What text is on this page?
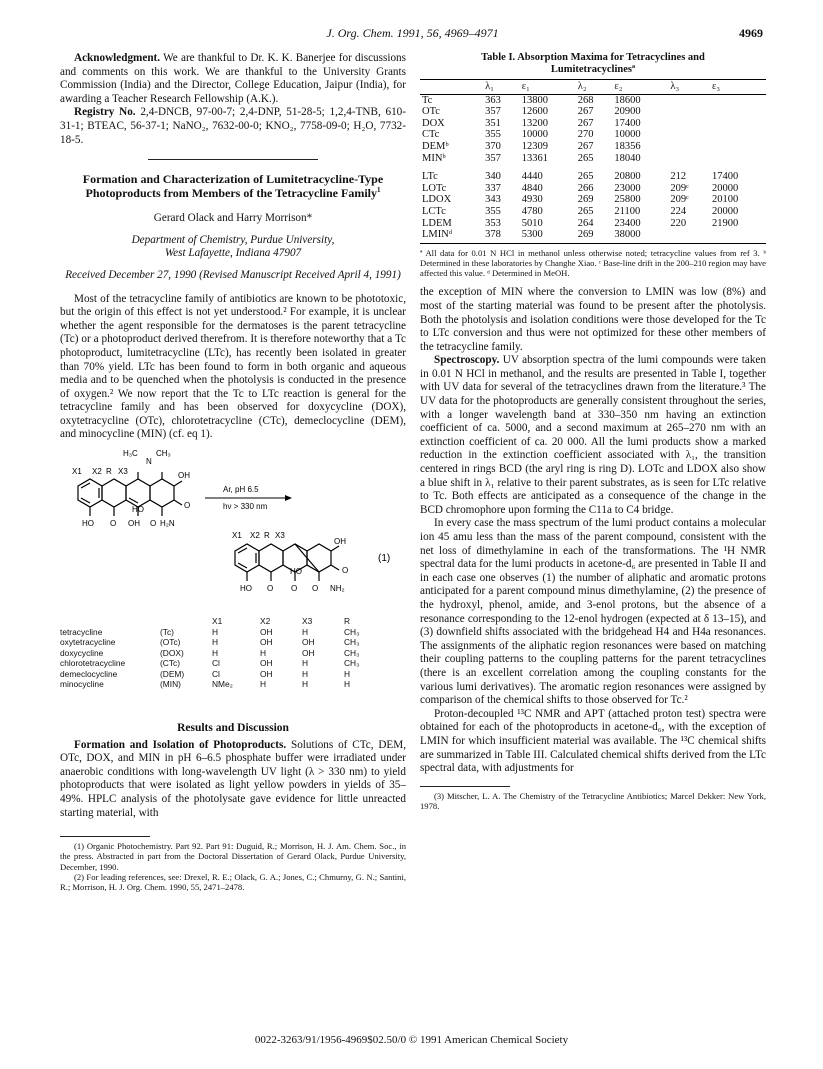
J. Org. Chem. 1991, 56, 4969–4971	4969

Acknowledgment. We are thankful to Dr. K. K. Banerjee for discussions and comments on this work. We are thankful to the University Grants Commission (India) and the Director, College Education, Jaipur (India), for awarding a Teacher Research Fellowship (A.K.).

Registry No. 2,4-DNCB, 97-00-7; 2,4-DNP, 51-28-5; 1,2,4-TNB, 610-31-1; BTEAC, 56-37-1; NaNO₂, 7632-00-0; KNO₂, 7758-09-0; H₂O, 7732-18-5.

Formation and Characterization of Lumitetracycline-Type Photoproducts from Members of the Tetracycline Family$^1$
Gerard Olack and Harry Morrison*
Department of Chemistry, Purdue University,
West Lafayette, Indiana 47907
Received December 27, 1990 (Revised Manuscript Received April 4, 1991)

Most of the tetracycline family of antibiotics are known to be phototoxic, but the origin of this effect is not yet understood.² For example, it is unclear whether the agent responsible for the dermatoses is the parent tetracycline (Tc) or a photoproduct derived therefrom. It is therefore noteworthy that a Tc photoproduct, lumitetracycline (LTc), has recently been isolated in greater than 70% yield. LTc has been found to form in both organic and aqueous media and to be quenched when the photolysis is conducted in the presence of oxygen.² We now report that the Tc to LTc reaction is general for the tetracycline family and has been observed for doxycycline (DOX), oxytetracycline (OTc), chlorotetracycline (CTc), demeclocycline (DEM), and minocycline (MIN) (cf. eq 1).

H₃C
N
CH₃
X1 X2 R X3	OH
O
HO
HO O OH O H₂N
Ar, pH 6.5
hν > 330 nm
X1 X2 R X3
OH
O
HO
HO O O O NH₂
(1)
		X1	X2	X3	R
tetracycline	(Tc)	H	OH	H	CH₃
oxytetracycline	(OTc)	H	OH	OH	CH₃
doxycycline	(DOX)	H	H	OH	CH₃
chlorotetracycline	(CTc)	Cl	OH	H	CH₃
demeclocycline	(DEM)	Cl	OH	H	H
minocycline	(MIN)	NMe₂	H	H	H
Results and Discussion

Formation and Isolation of Photoproducts. Solutions of CTc, DEM, OTc, DOX, and MIN in pH 6–6.5 phosphate buffer were irradiated under anaerobic conditions with long-wavelength UV light (λ > 330 nm) to yield photoproducts that were isolated as light yellow powders in yields of 35–49%. HPLC analysis of the photolysate gave evidence for little unreacted starting material, with

(1) Organic Photochemistry. Part 92. Part 91: Duguid, R.; Morrison, H. J. Am. Chem. Soc., in the press. Abstracted in part from the Doctoral Dissertation of Gerard Olack, Purdue University, December, 1990.

(2) For leading references, see: Drexel, R. E.; Olack, G. A.; Jones, C.; Chmurny, G. N.; Santini, R.; Morrison, H. J. Org. Chem. 1990, 55, 2471–2478.

Table I. Absorption Maxima for Tetracyclines and
Lumitetracyclinesª
	λ₁	ε₁	λ₂	ε₂	λ₃	ε₃
Tc	363	13800	268	18600		
OTc	357	12600	267	20900		
DOX	351	13200	267	17400		
CTc	355	10000	270	10000		
DEMᵇ	370	12309	267	18356		
MINᵇ	357	13361	265	18040		
LTc	340	4440	265	20800	212	17400
LOTc	337	4840	266	23000	209ᶜ	20000
LDOX	343	4930	269	25800	209ᶜ	20100
LCTc	355	4780	265	21100	224	20000
LDEM	353	5010	264	23400	220	21900
LMINᵈ	378	5300	269	38000		
ª All data for 0.01 N HCl in methanol unless otherwise noted; tetracycline values from ref 3. ᵇ Determined in these laboratories by Changhe Xiao. ᶜ Base-line drift in the 200–210 region may have affected this value. ᵈ Determined in MeOH.

the exception of MIN where the conversion to LMIN was low (8%) and most of the starting material was found to be present after the photolysis. Both the photolysis and isolation conditions were those developed for the Tc to LTc conversion and thus were not optimized for these other members of the tetracycline family.

Spectroscopy. UV absorption spectra of the lumi compounds were taken in 0.01 N HCl in methanol, and the results are presented in Table I, together with UV data for several of the tetracyclines drawn from the literature.³ The UV data for the photoproducts are generally consistent throughout the series, with a longer wavelength band at 330–350 nm having an extinction coefficient of ca. 5000, and a second maximum at 265–270 nm with an extinction coefficient of ca. 20 000. All the lumi products show a marked reduction in the extinction coefficient associated with λ₁, the transition centered in rings BCD (the aryl ring is ring D). LOTc and LDOX also show a blue shift in λ₁ relative to their parent substrates, as is seen for LTc relative to Tc. Both effects are anticipated as a consequence of the change in the BCD chromophore upon forming the C11a to C4 bridge.

In every case the mass spectrum of the lumi product contains a molecular ion 45 amu less than the mass of the parent compound, consistent with the net loss of dimethylamine in each of the transformations. The ¹H NMR spectral data for the lumi products in acetone-d₆ are presented in Table II and in each case one observes (1) the number of aliphatic and aromatic protons anticipated for a parent compound minus dimethylamine, (2) the presence of the hydroxyl, phenol, amide, and 3-enol protons, but the absence of a resonance corresponding to the 12-enol hydrogen (expected at δ 13–15), and (3) downfield shifts associated with the bridgehead H4 and H4a resonances. The assignments of the aliphatic region resonances were based on matching their coupling patterns to the coupling patterns for the parent tetracyclines (there is an excellent correlation among the coupling constants for the various lumi derivatives). The aromatic region resonances were assigned by comparison of the chemical shifts to those observed for Tc.²

Proton-decoupled ¹³C NMR and APT (attached proton test) spectra were obtained for each of the photoproducts in acetone-d₆, with the exception of LMIN for which insufficient material was available. The ¹³C chemical shifts are summarized in Table III. Calculated chemical shifts derived from the LTc spectral data, with adjustments for

(3) Mitscher, L. A. The Chemistry of the Tetracycline Antibiotics; Marcel Dekker: New York, 1978.

0022-3263/91/1956-4969$02.50/0 © 1991 American Chemical Society
